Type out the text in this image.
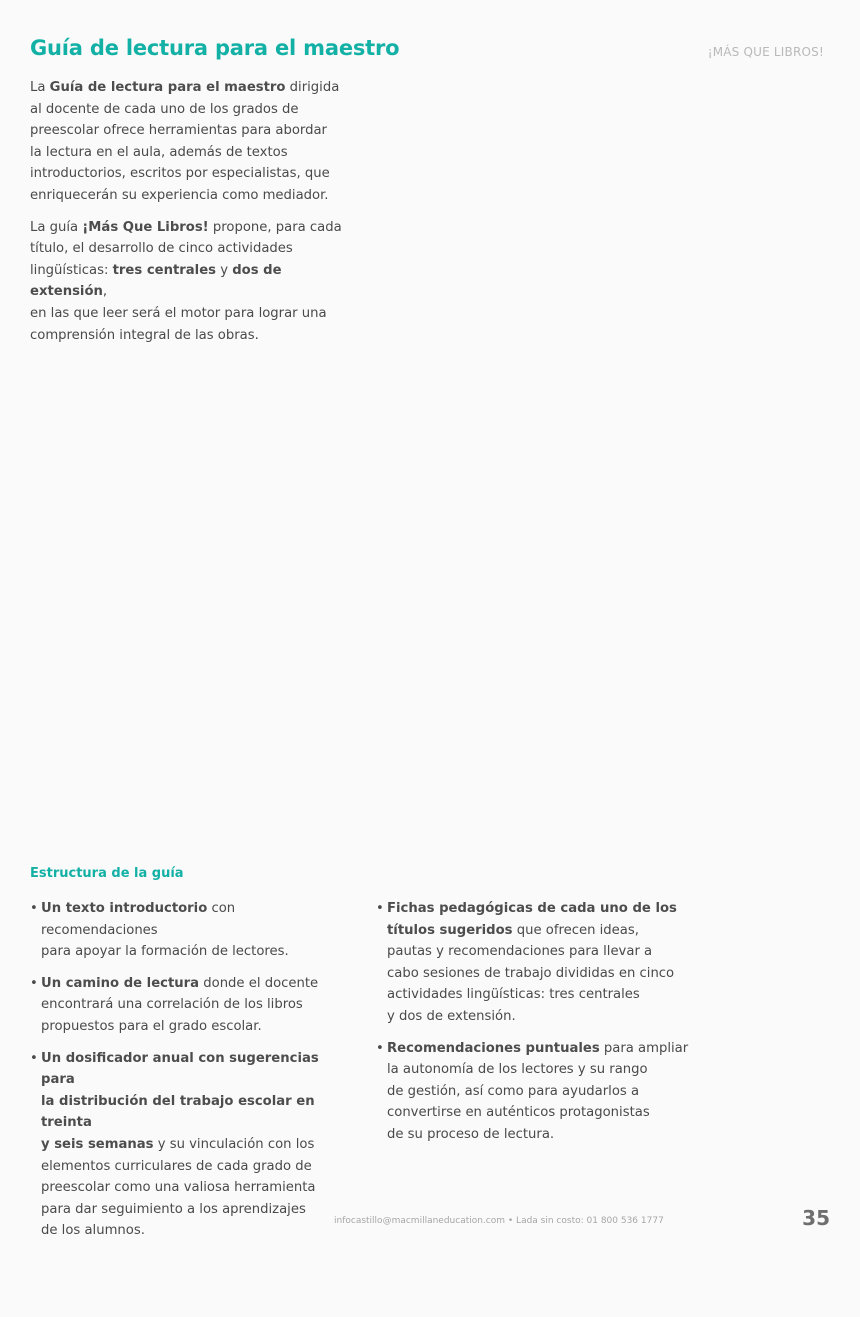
Guía de lectura para el maestro	¡MÁS QUE LIBROS!

La Guía de lectura para el maestro dirigida
al docente de cada uno de los grados de
preescolar ofrece herramientas para abordar
la lectura en el aula, además de textos
introductorios, escritos por especialistas, que
enriquecerán su experiencia como mediador.

La guía ¡Más Que Libros! propone, para cada
título, el desarrollo de cinco actividades
lingüísticas: tres centrales y dos de extensión,
en las que leer será el motor para lograr una
comprensión integral de las obras.

Estructura de la guía
• Un texto introductorio con recomendaciones
para apoyar la formación de lectores.
• Un camino de lectura donde el docente
encontrará una correlación de los libros
propuestos para el grado escolar.
• Un dosificador anual con sugerencias para
la distribución del trabajo escolar en treinta
y seis semanas y su vinculación con los
elementos curriculares de cada grado de
preescolar como una valiosa herramienta
para dar seguimiento a los aprendizajes
de los alumnos.
• Fichas pedagógicas de cada uno de los
títulos sugeridos que ofrecen ideas,
pautas y recomendaciones para llevar a
cabo sesiones de trabajo divididas en cinco
actividades lingüísticas: tres centrales
y dos de extensión.
• Recomendaciones puntuales para ampliar
la autonomía de los lectores y su rango
de gestión, así como para ayudarlos a
convertirse en auténticos protagonistas
de su proceso de lectura.
infocastillo@macmillaneducation.com • Lada sin costo: 01 800 536 1777	35
